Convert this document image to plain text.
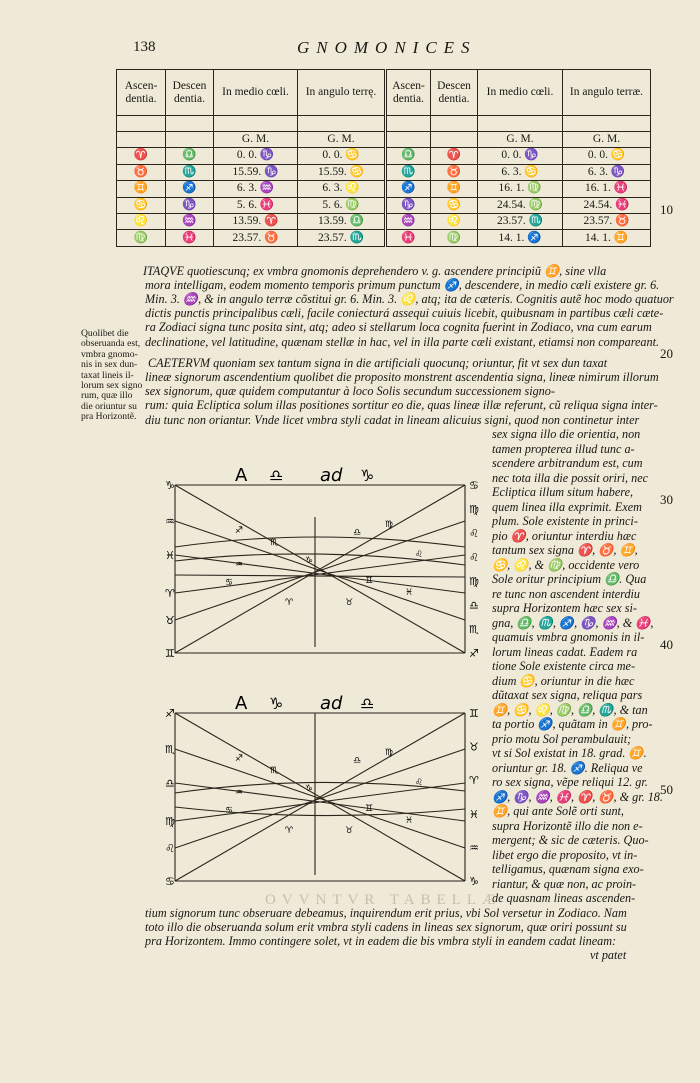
138	GNOMONICES
Ascen-dentia.	Descen dentia.	In medio cœli.	In angulo terrę.	Ascen-dentia.	Descen dentia.	In medio cœli.	In angulo terræ.

		G. M.	G. M.			G. M.	G. M.
♈	♎	0. 0. ♑	0. 0. ♋	♎	♈	0. 0. ♑	0. 0. ♋
♉	♏	15.59. ♑	15.59. ♋	♏	♉	6. 3. ♋	6. 3. ♑
♊	♐	6. 3. ♒	6. 3. ♌	♐	♊	16. 1. ♍	16. 1. ♓
♋	♑	5. 6. ♓	5. 6. ♍	♑	♋	24.54. ♍	24.54. ♓
♌	♒	13.59. ♈	13.59. ♎	♒	♌	23.57. ♏	23.57. ♉
♍	♓	23.57. ♉	23.57. ♏	♓	♍	14. 1. ♐	14. 1. ♊
ITAQVE quotiescunq; ex vmbra gnomonis deprehendero v. g. ascendere principiũ ♊, sine vlla
mora intelligam, eodem momento temporis primum punctum ♐, descendere, in medio cæli existere gr. 6.
Min. 3. ♒, & in angulo terræ cõstitui gr. 6. Min. 3. ♌, atq; ita de cæteris. Cognitis autẽ hoc modo quatuor
dictis punctis principalibus cæli, facile coniecturá assequi cuiuis licebit, quibusnam in partibus cæli cæte-
ra Zodiaci signa tunc posita sint, atq; adeo si stellarum loca cognita fuerint in Zodiaco, vna cum earum
declinatione, vel latitudine, quænam stellæ in hac, vel in illa parte cæli existant, etiamsi non compareant.
CAETERVM quoniam sex tantum signa in die artificiali quocunq; oriuntur, fit vt sex dun taxat
lineæ signorum ascendentium quolibet die proposito monstrent ascendentia signa, lineæ nimirum illorum
sex signorum, quæ quidem computantur à loco Solis secundum successionem signo-
rum: quia Ecliptica solum illas positiones sortitur eo die, quas lineæ illæ referunt, cũ reliqua signa inter-
diu tunc non oriantur. Vnde licet vmbra styli cadat in lineam alicuius signi, quod non continetur inter
Quolibet die
obseruanda est,
vmbra gnomo-
nis in sex dun-
taxat lineis il-
lorum sex signo
rum, quæ illo
die oriuntur su
pra Horizontẽ.
10
20
30
40
50
sex signa illo die orientia, non
tamen propterea illud tunc a-
scendere arbitrandum est, cum
nec tota illa die possit oriri, nec
Ecliptica illum situm habere,
quem linea illa exprimit. Exem
plum. Sole existente in princi-
pio ♈, oriuntur interdiu hæc
tantum sex signa ♈, ♉, ♊,
♋, ♌, & ♍, occidente vero
Sole oritur principium ♎. Qua
re tunc non ascendent interdiu
supra Horizontem hæc sex si-
gna, ♎, ♏, ♐, ♑, ♒, & ♓,
quamuis vmbra gnomonis in il-
lorum lineas cadat. Eadem ra
tione Sole existente circa me-
dium ♋, oriuntur in die hæc
dũtaxat sex signa, reliqua pars
♊, ♋, ♌, ♍, ♎, ♏, & tan
ta portio ♐, quãtam in ♊, pro-
prio motu Sol perambulauit;
vt si Sol existat in 18. grad. ♊.
oriuntur gr. 18. ♐. Reliqua ve
ro sex signa, vẽpe reliqui 12. gr.
♐, ♑, ♒, ♓, ♈, ♉, & gr. 18.
♊, qui ante Solẽ orti sunt,
supra Horizontẽ illo die non e-
mergent; & sic de cæteris. Quo-
libet ergo die proposito, vt in-
telligamus, quænam signa exo-
riantur, & quæ non, ac proin-
de quasnam lineas ascenden-
A ♎ ad ♑
♑
♒
♓
♈
♉
♊
♋
♍
♌
♌
♍
♎
♏
♐
♐
♏
♎
♍
♌
♋
♈	♉
♊
♒
♓
♑
A ♑ ad ♎
♐
♏
♎
♍
♌
♋
♊
♉
♈
♓
♒
♑
♐
♏
♎
♍
♌
♋
♈	♉
♊
♒
♓
♑
OVVNTVR TABELLÆ
tium signorum tunc obseruare debeamus, inquirendum erit prius, vbi Sol versetur in Zodiaco. Nam
toto illo die obseruanda solum erit vmbra styli cadens in lineas sex signorum, quæ oriri possunt su
pra Horizontem. Immo contingere solet, vt in eadem die bis vmbra styli in eandem cadat lineam:
vt patet
